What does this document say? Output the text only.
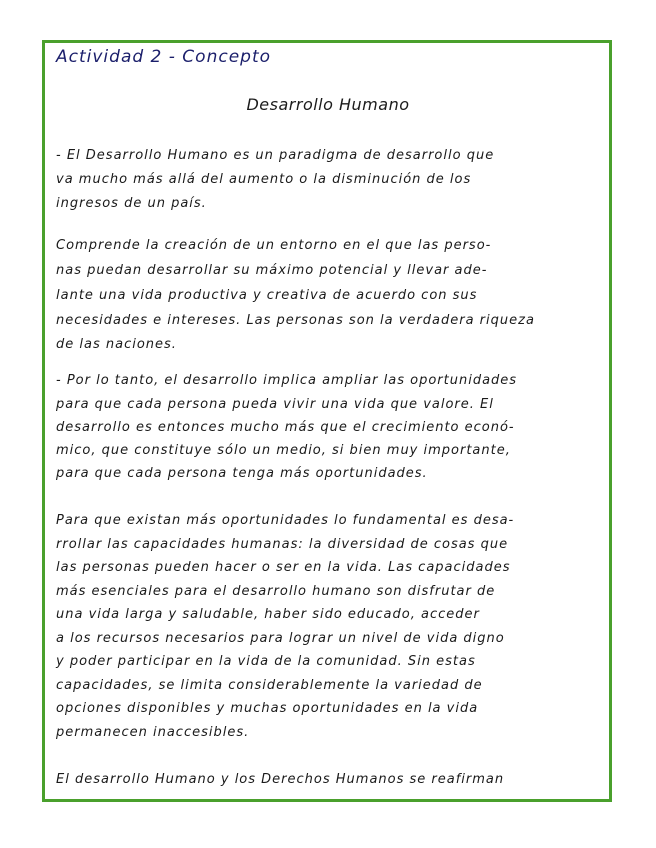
Actividad 2 - Concepto
Desarrollo Humano
- El Desarrollo Humano es un paradigma de desarrollo que
va mucho más allá del aumento o la disminución de los
ingresos de un país.
Comprende la creación de un entorno en el que las perso-
nas puedan desarrollar su máximo potencial y llevar ade-
lante una vida productiva y creativa de acuerdo con sus
necesidades e intereses. Las personas son la verdadera riqueza
de las naciones.
- Por lo tanto, el desarrollo implica ampliar las oportunidades
para que cada persona pueda vivir una vida que valore. El
desarrollo es entonces mucho más que el crecimiento econó-
mico, que constituye sólo un medio, si bien muy importante,
para que cada persona tenga más oportunidades.
Para que existan más oportunidades lo fundamental es desa-
rrollar las capacidades humanas: la diversidad de cosas que
las personas pueden hacer o ser en la vida. Las capacidades
más esenciales para el desarrollo humano son disfrutar de
una vida larga y saludable, haber sido educado, acceder
a los recursos necesarios para lograr un nivel de vida digno
y poder participar en la vida de la comunidad. Sin estas
capacidades, se limita considerablemente la variedad de
opciones disponibles y muchas oportunidades en la vida
permanecen inaccesibles.
El desarrollo Humano y los Derechos Humanos se reafirman
